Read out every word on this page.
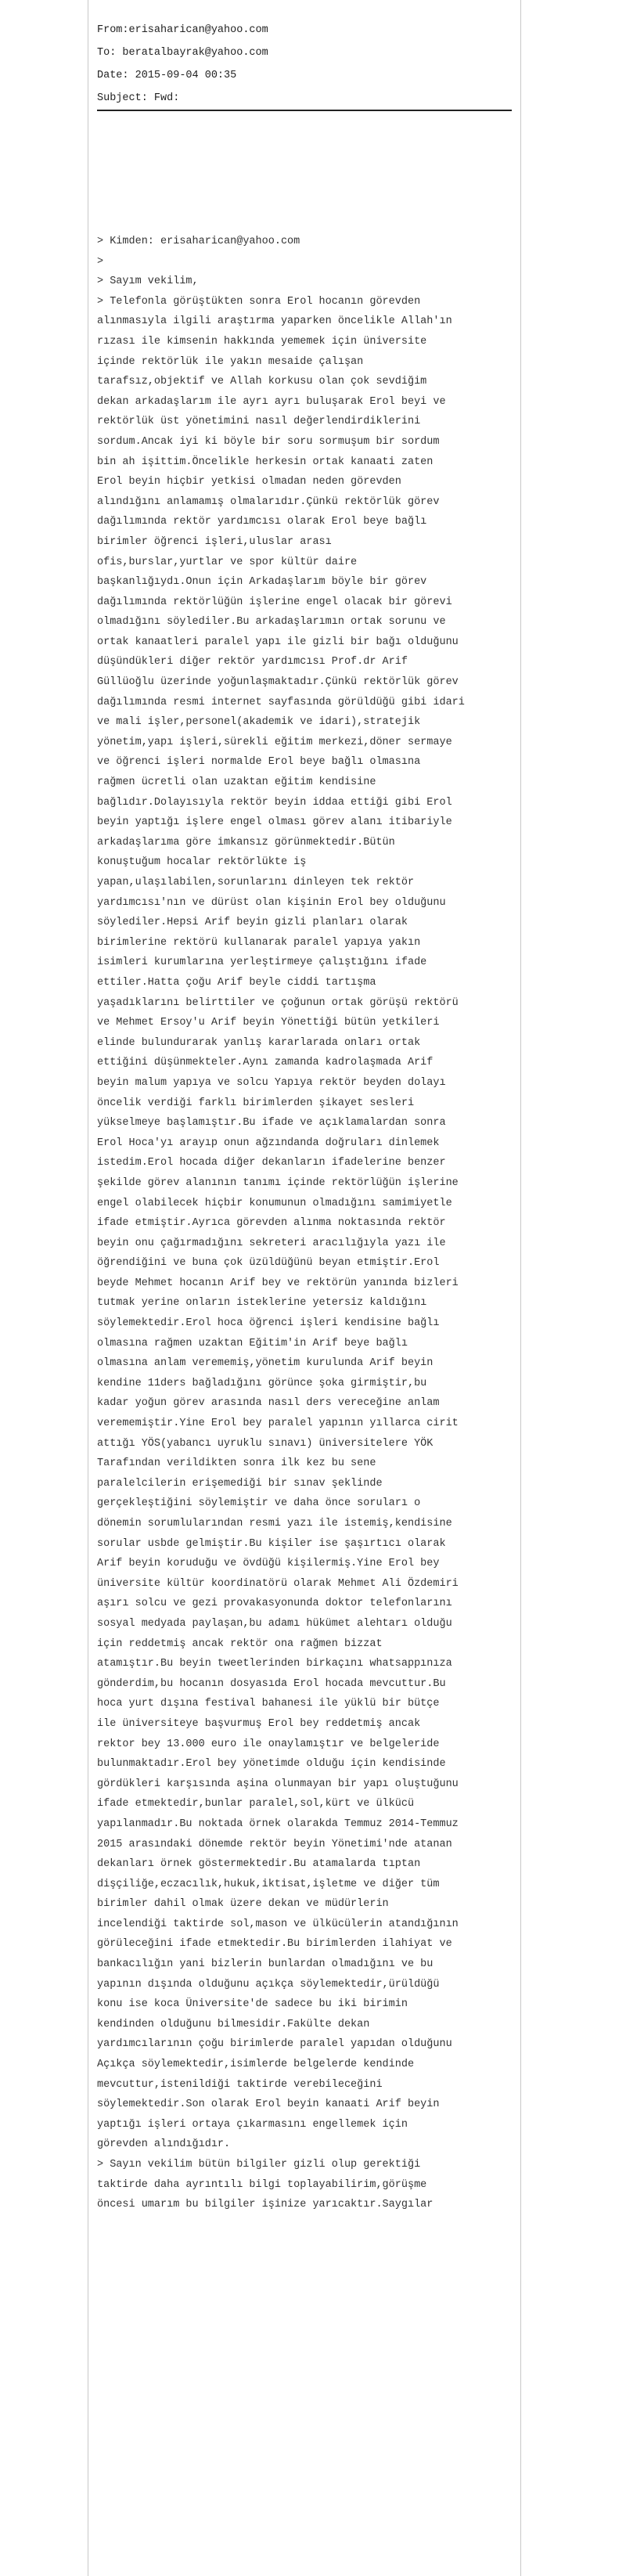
From:erisaharican@yahoo.com
To: beratalbayrak@yahoo.com
Date: 2015-09-04 00:35
Subject: Fwd:
> Kimden: erisaharican@yahoo.com
>
> Sayım vekilim,
> Telefonla görüştükten sonra Erol hocanın görevden
alınmasıyla ilgili araştırma yaparken öncelikle Allah'ın
rızası ile kimsenin hakkında yememek için üniversite
içinde rektörlük ile yakın mesaide çalışan
tarafsız,objektif ve Allah korkusu olan çok sevdiğim
dekan arkadaşlarım ile ayrı ayrı buluşarak Erol beyi ve
rektörlük üst yönetimini nasıl değerlendirdiklerini
sordum.Ancak iyi ki böyle bir soru sormuşum bir sordum
bin ah işittim.Öncelikle herkesin ortak kanaati zaten
Erol beyin hiçbir yetkisi olmadan neden görevden
alındığını anlamamış olmalarıdır.Çünkü rektörlük görev
dağılımında rektör yardımcısı olarak Erol beye bağlı
birimler öğrenci işleri,uluslar arası
ofis,burslar,yurtlar ve spor kültür daire
başkanlığıydı.Onun için Arkadaşlarım böyle bir görev
dağılımında rektörlüğün işlerine engel olacak bir görevi
olmadığını söylediler.Bu arkadaşlarımın ortak sorunu ve
ortak kanaatleri paralel yapı ile gizli bir bağı olduğunu
düşündükleri diğer rektör yardımcısı Prof.dr Arif
Güllüoğlu üzerinde yoğunlaşmaktadır.Çünkü rektörlük görev
dağılımında resmi internet sayfasında görüldüğü gibi idari
ve mali işler,personel(akademik ve idari),stratejik
yönetim,yapı işleri,sürekli eğitim merkezi,döner sermaye
ve öğrenci işleri normalde Erol beye bağlı olmasına
rağmen ücretli olan uzaktan eğitim kendisine
bağlıdır.Dolayısıyla rektör beyin iddaa ettiği gibi Erol
beyin yaptığı işlere engel olması görev alanı itibariyle
arkadaşlarıma göre imkansız görünmektedir.Bütün
konuştuğum hocalar rektörlükte iş
yapan,ulaşılabilen,sorunlarını dinleyen tek rektör
yardımcısı'nın ve dürüst olan kişinin Erol bey olduğunu
söylediler.Hepsi Arif beyin gizli planları olarak
birimlerine rektörü kullanarak paralel yapıya yakın
isimleri kurumlarına yerleştirmeye çalıştığını ifade
ettiler.Hatta çoğu Arif beyle ciddi tartışma
yaşadıklarını belirttiler ve çoğunun ortak görüşü rektörü
ve Mehmet Ersoy'u Arif beyin Yönettiği bütün yetkileri
elinde bulundurarak yanlış kararlarada onları ortak
ettiğini düşünmekteler.Aynı zamanda kadrolaşmada Arif
beyin malum yapıya ve solcu Yapıya rektör beyden dolayı
öncelik verdiği farklı birimlerden şikayet sesleri
yükselmeye başlamıştır.Bu ifade ve açıklamalardan sonra
Erol Hoca'yı arayıp onun ağzındanda doğruları dinlemek
istedim.Erol hocada diğer dekanların ifadelerine benzer
şekilde görev alanının tanımı içinde rektörlüğün işlerine
engel olabilecek hiçbir konumunun olmadığını samimiyetle
ifade etmiştir.Ayrıca görevden alınma noktasında rektör
beyin onu çağırmadığını sekreteri aracılığıyla yazı ile
öğrendiğini ve buna çok üzüldüğünü beyan etmiştir.Erol
beyde Mehmet hocanın Arif bey ve rektörün yanında bizleri
tutmak yerine onların isteklerine yetersiz kaldığını
söylemektedir.Erol hoca öğrenci işleri kendisine bağlı
olmasına rağmen uzaktan Eğitim'in Arif beye bağlı
olmasına anlam verememiş,yönetim kurulunda Arif beyin
kendine 11ders bağladığını görünce şoka girmiştir,bu
kadar yoğun görev arasında nasıl ders vereceğine anlam
verememiştir.Yine Erol bey paralel yapının yıllarca cirit
attığı YÖS(yabancı uyruklu sınavı) üniversitelere YÖK
Tarafından verildikten sonra ilk kez bu sene
paralelcilerin erişemediği bir sınav şeklinde
gerçekleştiğini söylemiştir ve daha önce soruları o
dönemin sorumlularından resmi yazı ile istemiş,kendisine
sorular usbde gelmiştir.Bu kişiler ise şaşırtıcı olarak
Arif beyin koruduğu ve övdüğü kişilermiş.Yine Erol bey
üniversite kültür koordinatörü olarak Mehmet Ali Özdemiri
aşırı solcu ve gezi provakasyonunda doktor telefonlarını
sosyal medyada paylaşan,bu adamı hükümet alehtarı olduğu
için reddetmiş ancak rektör ona rağmen bizzat
atamıştır.Bu beyin tweetlerinden birkaçını whatsappınıza
gönderdim,bu hocanın dosyasıda Erol hocada mevcuttur.Bu
hoca yurt dışına festival bahanesi ile yüklü bir bütçe
ile üniversiteye başvurmuş Erol bey reddetmiş ancak
rektor bey 13.000 euro ile onaylamıştır ve belgeleride
bulunmaktadır.Erol bey yönetimde olduğu için kendisinde
gördükleri karşısında aşina olunmayan bir yapı oluştuğunu
ifade etmektedir,bunlar paralel,sol,kürt ve ülkücü
yapılanmadır.Bu noktada örnek olarakda Temmuz 2014-Temmuz
2015 arasındaki dönemde rektör beyin Yönetimi'nde atanan
dekanları örnek göstermektedir.Bu atamalarda tıptan
dişçiliğe,eczacılık,hukuk,iktisat,işletme ve diğer tüm
birimler dahil olmak üzere dekan ve müdürlerin
incelendiği taktirde sol,mason ve ülkücülerin atandığının
görüleceğini ifade etmektedir.Bu birimlerden ilahiyat ve
bankacılığın yani bizlerin bunlardan olmadığını ve bu
yapının dışında olduğunu açıkça söylemektedir,ürüldüğü
konu ise koca Üniversite'de sadece bu iki birimin
kendinden olduğunu bilmesidir.Fakülte dekan
yardımcılarının çoğu birimlerde paralel yapıdan olduğunu
Açıkça söylemektedir,isimlerde belgelerde kendinde
mevcuttur,istenildiği taktirde verebileceğini
söylemektedir.Son olarak Erol beyin kanaati Arif beyin
yaptığı işleri ortaya çıkarmasını engellemek için
görevden alındığıdır.
> Sayın vekilim bütün bilgiler gizli olup gerektiği
taktirde daha ayrıntılı bilgi toplayabilirim,görüşme
öncesi umarım bu bilgiler işinize yarıcaktır.Saygılar
